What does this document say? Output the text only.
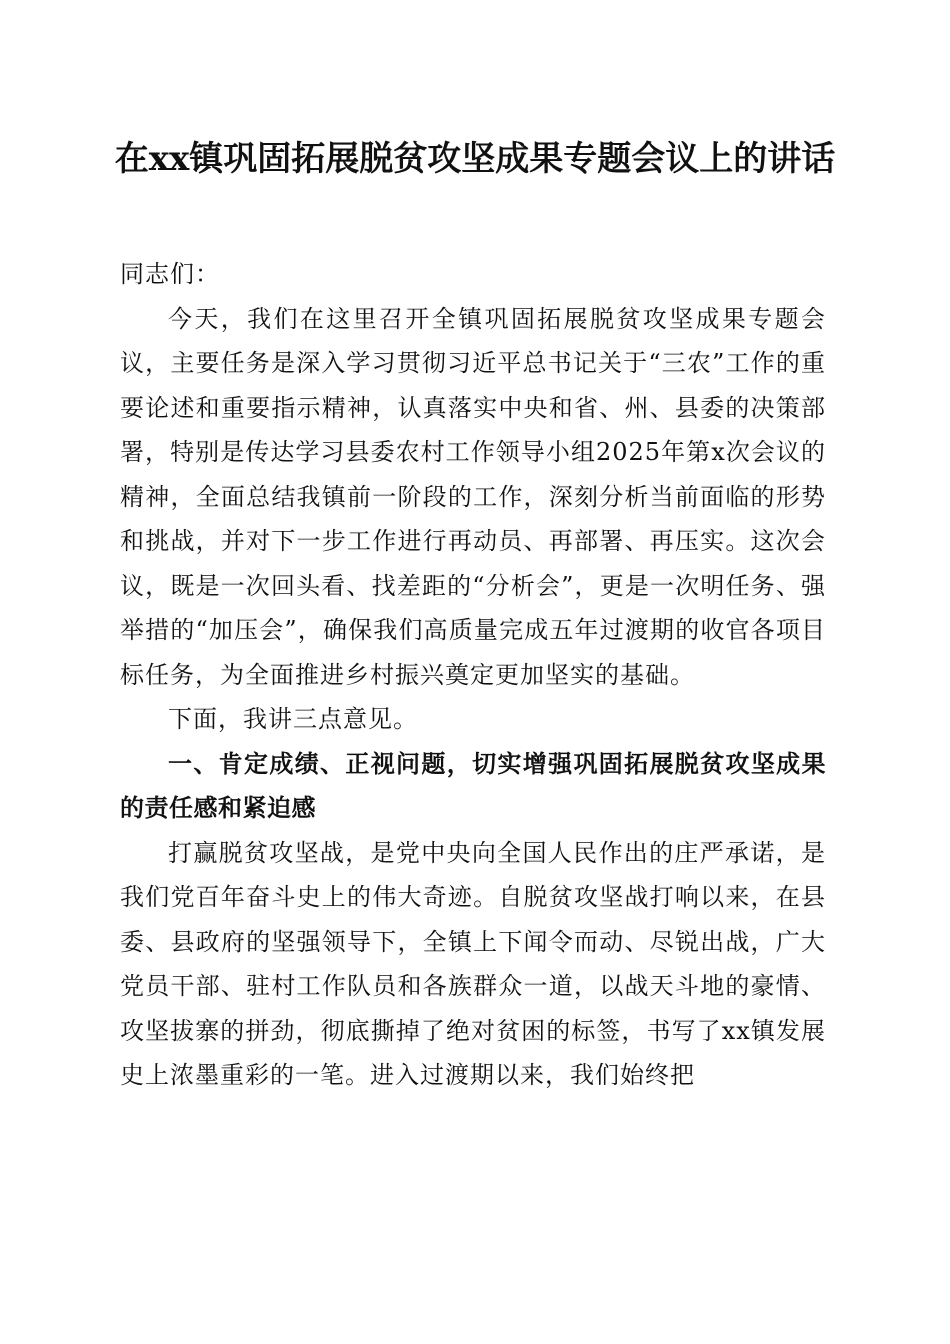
在xx镇巩固拓展脱贫攻坚成果专题会议上的讲话

同志们：

今天，我们在这里召开全镇巩固拓展脱贫攻坚成果专题会议，主要任务是深入学习贯彻习近平总书记关于“三农”工作的重要论述和重要指示精神，认真落实中央和省、州、县委的决策部署，特别是传达学习县委农村工作领导小组2025年第x次会议的精神，全面总结我镇前一阶段的工作，深刻分析当前面临的形势和挑战，并对下一步工作进行再动员、再部署、再压实。这次会议，既是一次回头看、找差距的“分析会”，更是一次明任务、强举措的“加压会”，确保我们高质量完成五年过渡期的收官各项目标任务，为全面推进乡村振兴奠定更加坚实的基础。

下面，我讲三点意见。

一、肯定成绩、正视问题，切实增强巩固拓展脱贫攻坚成果的责任感和紧迫感

打赢脱贫攻坚战，是党中央向全国人民作出的庄严承诺，是我们党百年奋斗史上的伟大奇迹。自脱贫攻坚战打响以来，在县委、县政府的坚强领导下，全镇上下闻令而动、尽锐出战，广大党员干部、驻村工作队员和各族群众一道，以战天斗地的豪情、攻坚拔寨的拼劲，彻底撕掉了绝对贫困的标签，书写了xx镇发展史上浓墨重彩的一笔。进入过渡期以来，我们始终把
